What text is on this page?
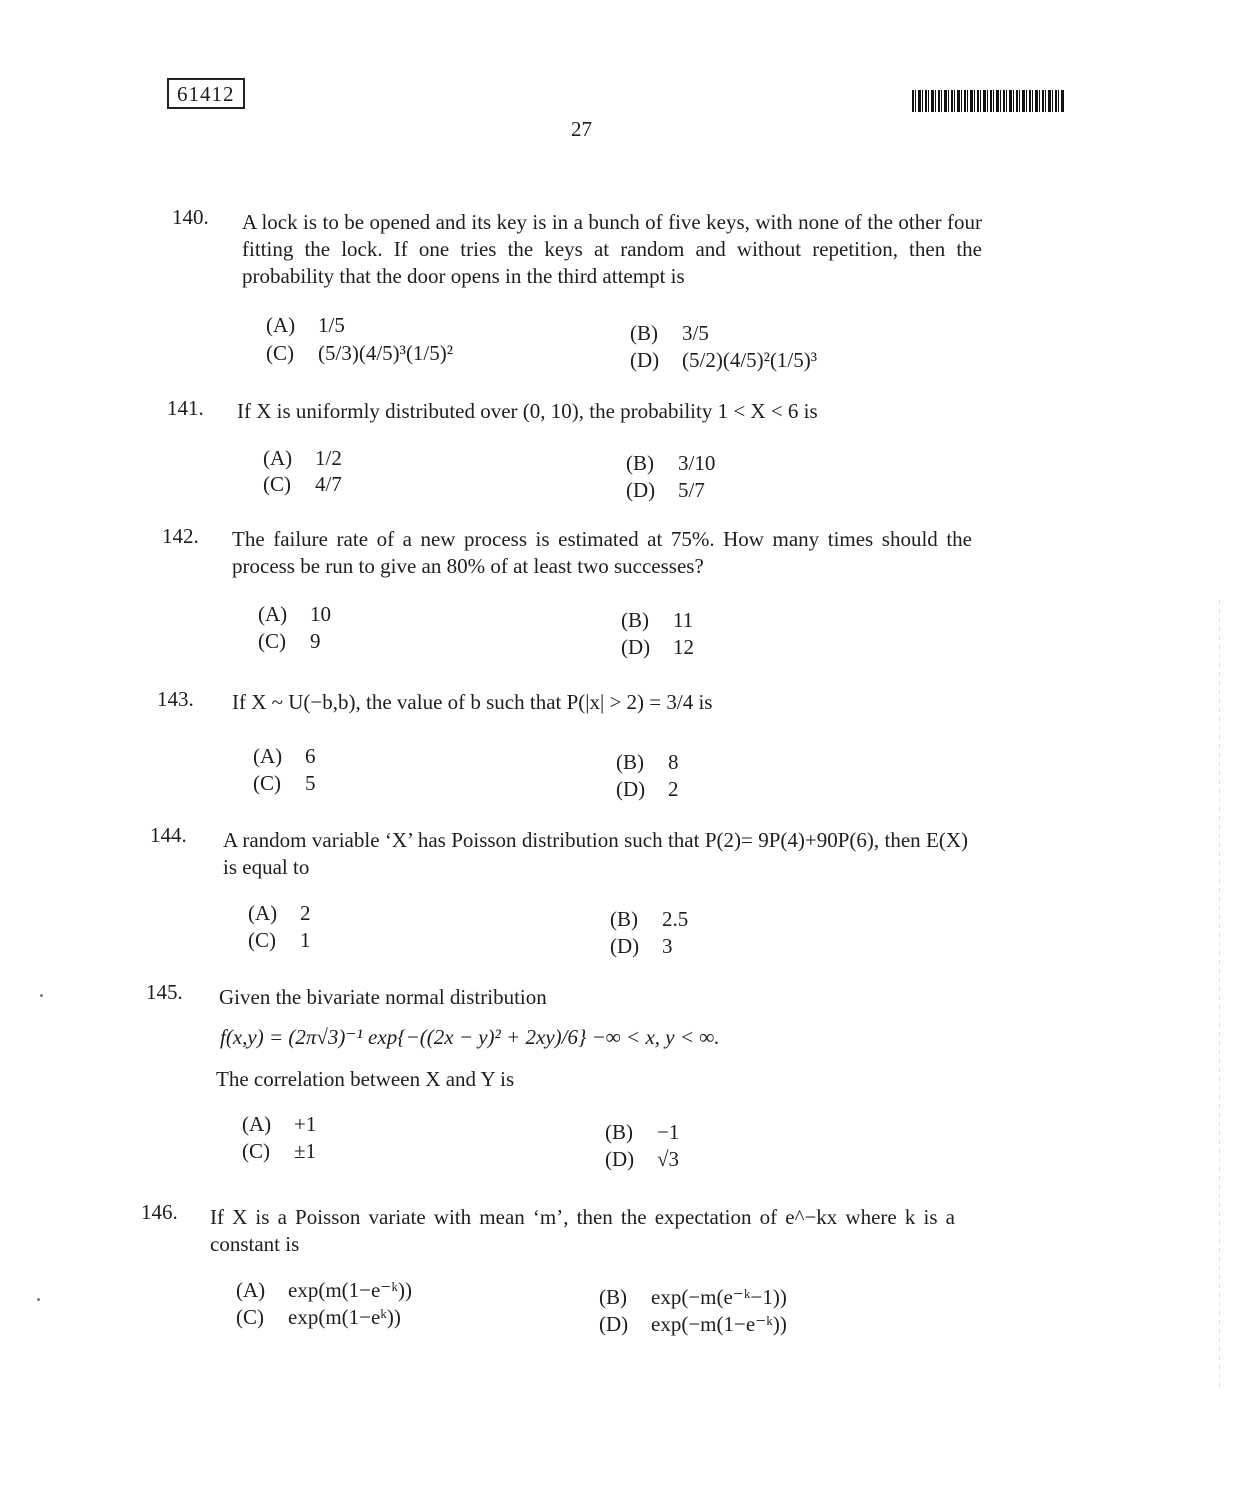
61412
27
140. A lock is to be opened and its key is in a bunch of five keys, with none of the other four fitting the lock. If one tries the keys at random and without repetition, then the probability that the door opens in the third attempt is
(A) 1/5
(C) (5/3)(4/5)³(1/5)²
(B) 3/5
(D) (5/2)(4/5)²(1/5)³
141. If X is uniformly distributed over (0, 10), the probability 1 < X < 6 is
(A) 1/2
(C) 4/7
(B) 3/10
(D) 5/7
142. The failure rate of a new process is estimated at 75%. How many times should the process be run to give an 80% of at least two successes?
(A) 10
(C) 9
(B) 11
(D) 12
143. If X ~ U(−b,b), the value of b such that P(|x| > 2) = 3/4 is
(A) 6
(C) 5
(B) 8
(D) 2
144. A random variable ‘X’ has Poisson distribution such that P(2)= 9P(4)+90P(6), then E(X) is equal to
(A) 2
(C) 1
(B) 2.5
(D) 3
145. Given the bivariate normal distribution
f(x,y) = (2π√3)⁻¹ exp{−((2x − y)² + 2xy)/6} −∞ < x, y < ∞.
The correlation between X and Y is
(A) +1
(C) ±1
(B) −1
(D) √3
146. If X is a Poisson variate with mean ‘m’, then the expectation of e^−kx where k is a constant is
(A) exp(m(1−e⁻ᵏ))
(C) exp(m(1−eᵏ))
(B) exp(−m(e⁻ᵏ−1))
(D) exp(−m(1−e⁻ᵏ))
